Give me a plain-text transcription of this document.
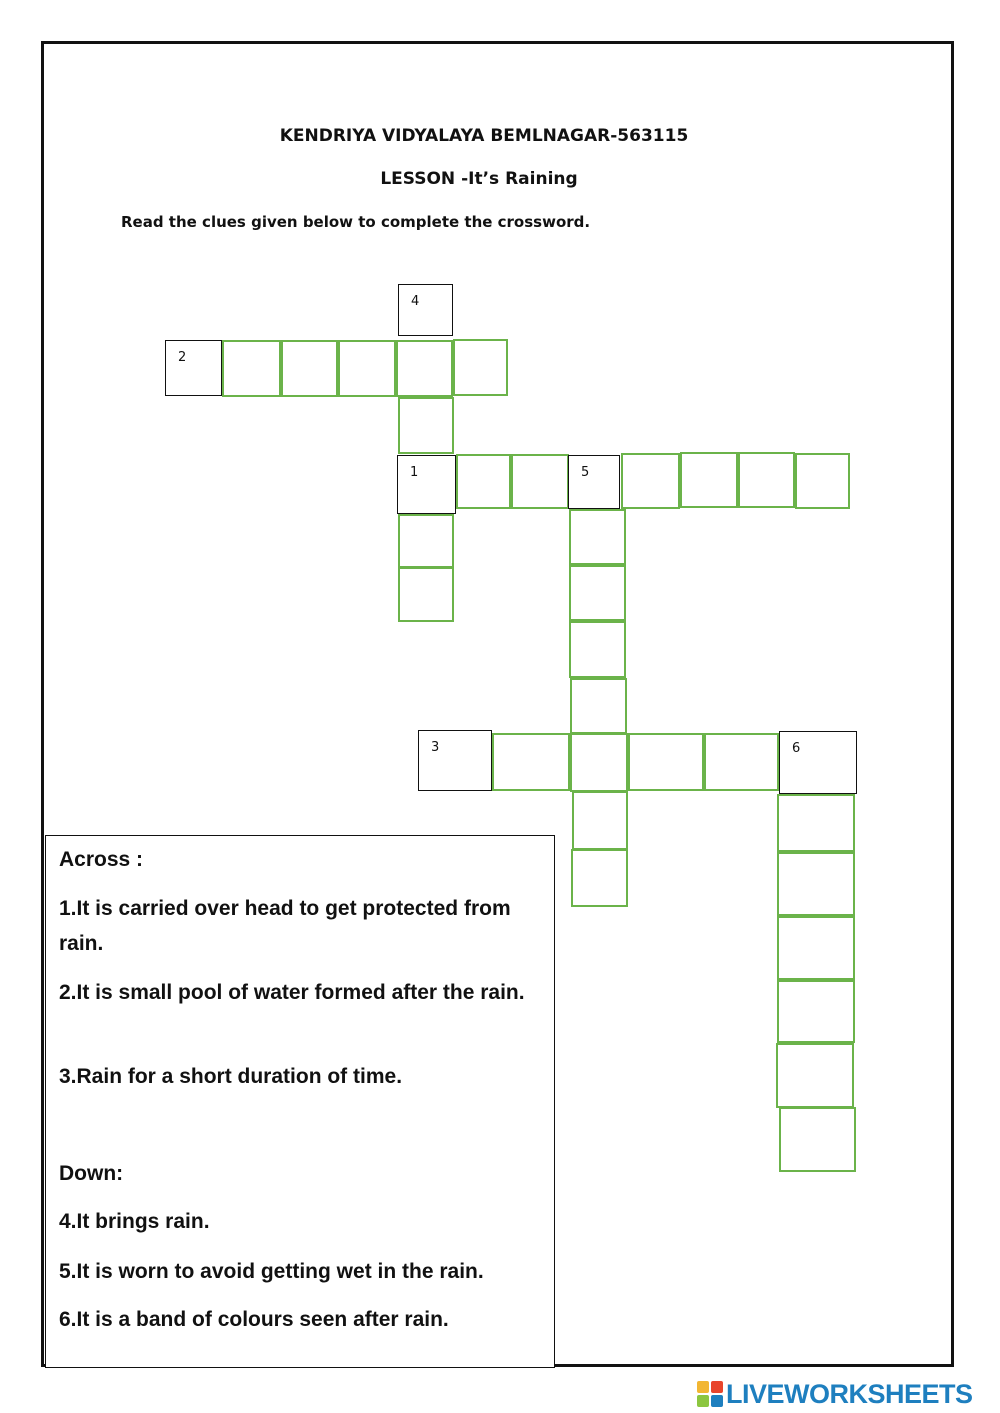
KENDRIYA VIDYALAYA BEMLNAGAR-563115
LESSON -It’s Raining
Read the clues given below to complete the crossword.
4
2
1	5
3	6
Across :
1.It is carried over head to get protected from rain.
2.It is small pool of water formed after the rain.
3.Rain for a short duration of time.
Down:
4.It brings rain.
5.It is worn to avoid getting wet in the rain.
6.It is a band of colours seen after rain.
LIVEWORKSHEETS
